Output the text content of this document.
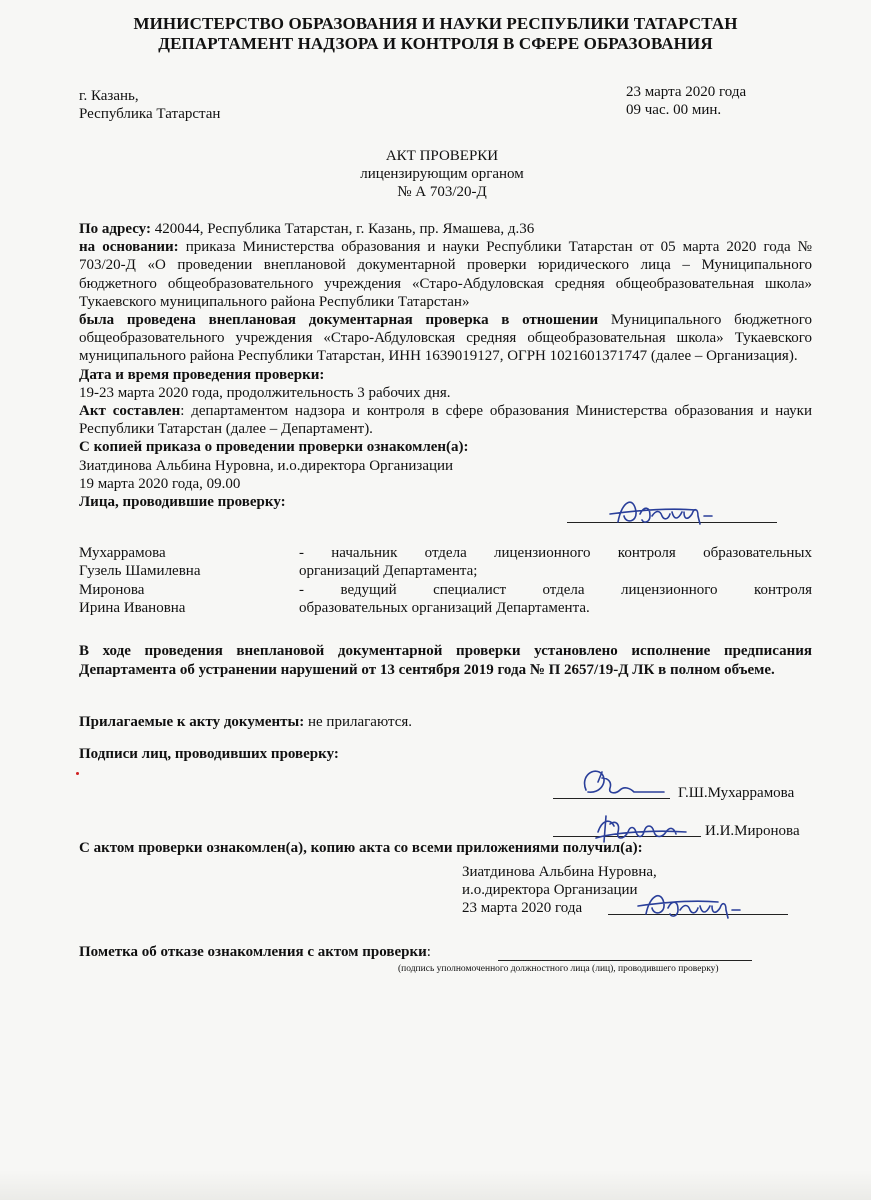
МИНИСТЕРСТВО ОБРАЗОВАНИЯ И НАУКИ РЕСПУБЛИКИ ТАТАРСТАН
ДЕПАРТАМЕНТ НАДЗОРА И КОНТРОЛЯ В СФЕРЕ ОБРАЗОВАНИЯ
г. Казань,
Республика Татарстан
23 марта 2020 года
09 час. 00 мин.
АКТ ПРОВЕРКИ
лицензирующим органом
№ А 703/20-Д

По адресу: 420044, Республика Татарстан, г. Казань, пр. Ямашева, д.36

на основании: приказа Министерства образования и науки Республики Татарстан от 05 марта 2020 года № 703/20-Д «О проведении внеплановой документарной проверки юридического лица – Муниципального бюджетного общеобразовательного учреждения «Старо-Абдуловская средняя общеобразовательная школа» Тукаевского муниципального района Республики Татарстан»

была проведена внеплановая документарная проверка в отношении Муниципального бюджетного общеобразовательного учреждения «Старо-Абдуловская средняя общеобразовательная школа» Тукаевского муниципального района Республики Татарстан, ИНН 1639019127, ОГРН 1021601371747 (далее – Организация).

Дата и время проведения проверки:

19-23 марта 2020 года, продолжительность 3 рабочих дня.

Акт составлен: департаментом надзора и контроля в сфере образования Министерства образования и науки Республики Татарстан (далее – Департамент).

С копией приказа о проведении проверки ознакомлен(а):

Зиатдинова Альбина Нуровна, и.о.директора Организации

19 марта 2020 года, 09.00

Лица, проводившие проверку:

Мухаррамова
Гузель Шамилевна
- начальник отдела лицензионного контроля образовательных
организаций Департамента;
Миронова
Ирина Ивановна
- ведущий специалист отдела лицензионного контроля
образовательных организаций Департамента.

В ходе проведения внеплановой документарной проверки установлено исполнение предписания Департамента об устранении нарушений от 13 сентября 2019 года № П 2657/19-Д ЛК в полном объеме.

Прилагаемые к акту документы: не прилагаются.
Подписи лиц, проводивших проверку:
Г.Ш.Мухаррамова
И.И.Миронова
С актом проверки ознакомлен(а), копию акта со всеми приложениями получил(а):
Зиатдинова Альбина Нуровна,
и.о.директора Организации
23 марта 2020 года
Пометка об отказе ознакомления с актом проверки:
(подпись уполномоченного должностного лица (лиц), проводившего проверку)
